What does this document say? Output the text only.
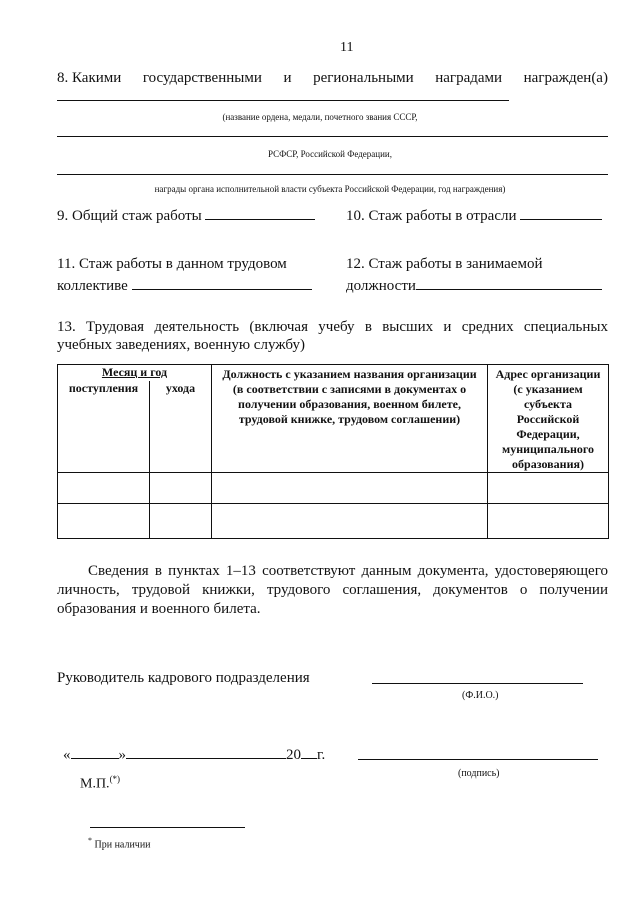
11
8. Какими государственными и региональными наградами награжден(а)
(название ордена, медали, почетного звания СССР,
РСФСР, Российской Федерации,
награды органа исполнительной власти субъекта Российской Федерации, год награждения)
9. Общий стаж работы	10. Стаж работы в отрасли
11. Стаж работы в данном трудовом
коллективе
12. Стаж работы в занимаемой
должности
13. Трудовая деятельность (включая учебу в высших и средних специальных
учебных заведениях, военную службу)
Месяц и год		Должность с указанием названия организации (в соответствии с записями в документах о получении образования, военном билете, трудовой книжке, трудовом соглашении)	Адрес организации (с указанием субъекта Российской Федерации, муниципального образования)
поступления	ухода		

Сведения в пунктах 1–13 соответствуют данным документа, удостоверяющего
личность, трудовой книжки, трудового соглашения, документов о получении
образования и военного билета.
Руководитель кадрового подразделения
(Ф.И.О.)
«	»	20 г.
(подпись)
М.П.(*)
* При наличии
